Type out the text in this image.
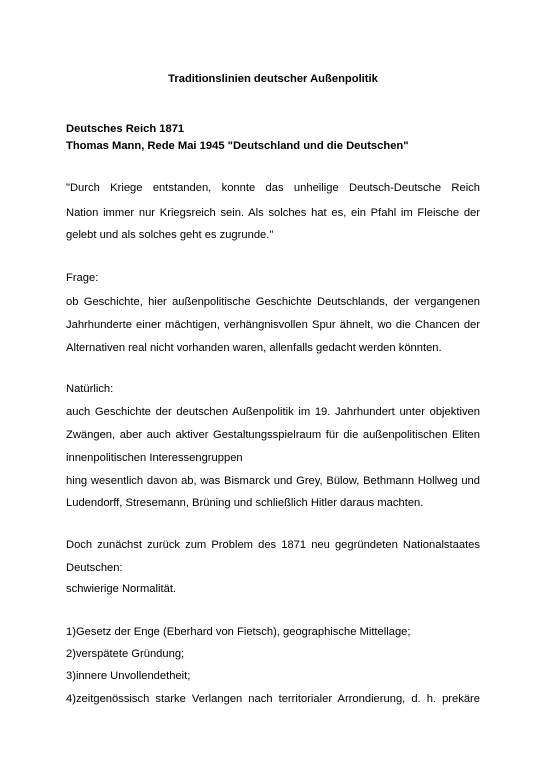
Traditionslinien deutscher Außenpolitik
Deutsches Reich 1871
Thomas Mann, Rede Mai 1945 "Deutschland und die Deutschen"
"Durch Kriege entstanden, konnte das unheilige Deutsch-Deutsche Reich
Nation immer nur Kriegsreich sein. Als solches hat es, ein Pfahl im Fleische der
gelebt und als solches geht es zugrunde."
Frage:
ob Geschichte, hier außenpolitische Geschichte Deutschlands, der vergangenen
Jahrhunderte einer mächtigen, verhängnisvollen Spur ähnelt, wo die Chancen der
Alternativen real nicht vorhanden waren, allenfalls gedacht werden könnten.
Natürlich:
auch Geschichte der deutschen Außenpolitik im 19. Jahrhundert unter objektiven
Zwängen, aber auch aktiver Gestaltungsspielraum für die außenpolitischen Eliten
innenpolitischen Interessengruppen
hing wesentlich davon ab, was Bismarck und Grey, Bülow, Bethmann Hollweg und
Ludendorff, Stresemann, Brüning und schließlich Hitler daraus machten.
Doch zunächst zurück zum Problem des 1871 neu gegründeten Nationalstaates
Deutschen:
schwierige Normalität.
1)Gesetz der Enge (Eberhard von Fietsch), geographische Mittellage;
2)verspätete Gründung;
3)innere Unvollendetheit;
4)zeitgenössisch starke Verlangen nach territorialer Arrondierung, d. h. prekäre
